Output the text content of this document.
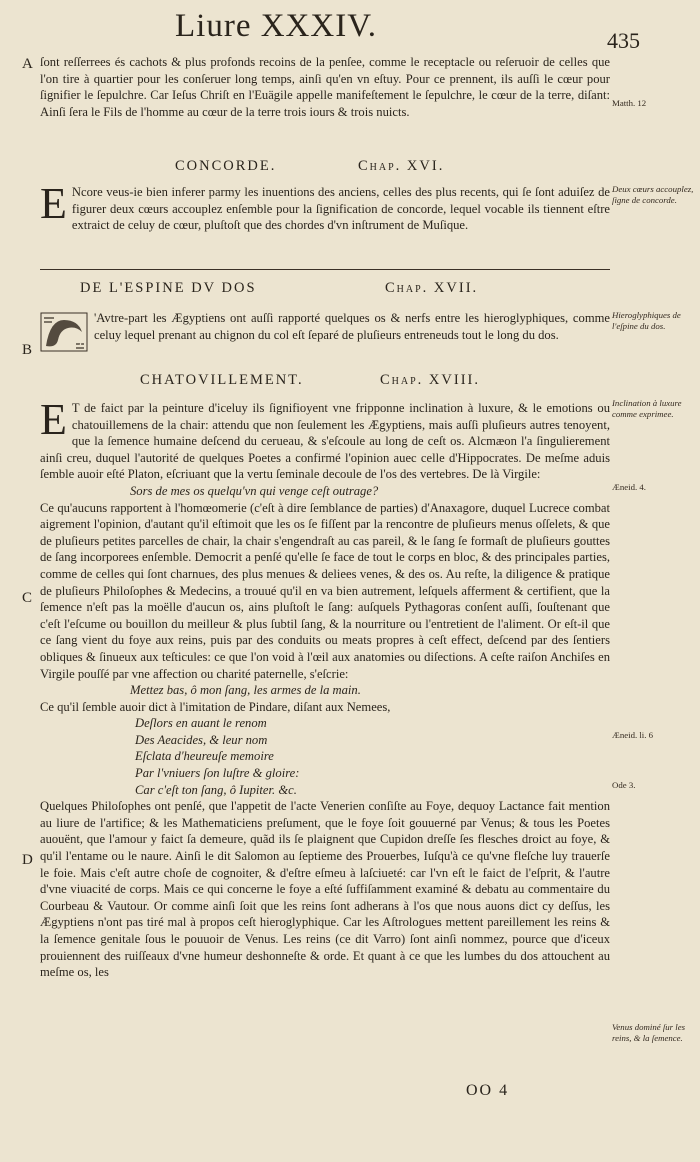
Liure XXXIV.	435
A ſont reſſerrees és cachots & plus profonds recoins de la penſee, comme le receptacle ou reſeruoir de celles que l'on tire à quartier pour les conſeruer long temps, ainſi qu'en vn eſtuy. Pour ce prennent, ils auſſi le cœur pour ſignifier le ſepulchre. Car Ieſus Chriſt en l'Euägile appelle manifeſtement le ſepulchre, le cœur de la terre, diſant: Ainſi ſera le Fils de l'homme au cœur de la terre trois iours & trois nuicts.
Matth. 12
CONCORDE.	Chap. XVI.
E Ncore veus-ie bien inferer parmy les inuentions des anciens, celles des plus recents, qui ſe ſont aduiſez de figurer deux cœurs accouplez enſemble pour la ſignification de concorde, lequel vocable ils tiennent eſtre extraict de celuy de cœur, pluſtoſt que des chordes d'vn inſtrument de Muſique.
Deux cœurs accouplez, ſigne de concorde.
DE L'ESPINE DV DOS	Chap. XVII.
B L
'Avtre-part les Ægyptiens ont auſſi rapporté quelques os & nerfs entre les hieroglyphiques, comme celuy lequel prenant au chignon du col eſt ſeparé de pluſieurs entreneuds tout le long du dos.
Hieroglyphiques de l'eſpine du dos.
CHATOVILLEMENT.	Chap. XVIII.

E T de faict par la peinture d'iceluy ils ſignifioyent vne fripponne inclination à luxure, & le emotions ou chatouillemens de la chair: attendu que non ſeulement les Ægyptiens, mais auſſi pluſieurs autres tenoyent, que la ſemence humaine deſcend du cerueau, & s'eſcoule au long de ceſt os. Alcmæon l'a ſingulierement ainſi creu, duquel l'autorité de quelques Poetes a confirmé l'opinion auec celle d'Hippocrates. De meſme aduis ſemble auoir eſté Platon, eſcriuant que la vertu ſeminale decoule de l'os des vertebres. De là Virgile:

Sors de mes os quelqu'vn qui venge ceſt outrage?

Ce qu'aucuns rapportent à l'homœomerie (c'eſt à dire ſemblance de parties) d'Anaxagore, duquel Lucrece combat aigrement l'opinion, d'autant qu'il eſtimoit que les os ſe fiſſent par la rencontre de pluſieurs menus oſſelets, & que de pluſieurs petites parcelles de chair, la chair s'engendraſt au cas pareil, & le ſang ſe formaſt de pluſieurs gouttes de ſang incorporees enſemble. Democrit a penſé qu'elle ſe face de tout le corps en bloc, & des principales parties, comme de celles qui ſont charnues, des plus menues & deliees venes, & des os. Au reſte, la diligence & pratique de pluſieurs Philoſophes & Medecins, a trouué qu'il en va bien autrement, leſquels afferment & certifient, que la ſemence n'eſt pas la moëlle d'aucun os, ains pluſtoſt le ſang: auſquels Pythagoras conſent auſſi, ſouſtenant que c'eſt l'eſcume ou bouillon du meilleur & plus ſubtil ſang, & la nourriture ou l'entretient de l'aliment. Or eſt-il que ce ſang vient du foye aux reins, puis par des conduits ou meats propres à ceſt effect, deſcend par des ſentiers obliques & ſinueux aux teſticules: ce que l'on void à l'œil aux anatomies ou diſections. A ceſte raiſon Anchiſes en Virgile pouſſé par vne affection ou charité paternelle, s'eſcrie:

Mettez bas, ô mon ſang, les armes de la main.

Ce qu'il ſemble auoir dict à l'imitation de Pindare, diſant aux Nemees,

Deſlors en auant le renom
Des Aeacides, & leur nom
Eſclata d'heureuſe memoire
Par l'vniuers ſon luſtre & gloire:
Car c'eſt ton ſang, ô Iupiter. &c.

Quelques Philoſophes ont penſé, que l'appetit de l'acte Venerien conſiſte au Foye, dequoy Lactance fait mention au liure de l'artifice; & les Mathematiciens preſument, que le foye ſoit gouuerné par Venus; & tous les Poetes auouënt, que l'amour y faict ſa demeure, quãd ils ſe plaignent que Cupidon dreſſe ſes flesches droict au foye, & qu'il l'entame ou le naure. Ainſi le dit Salomon au ſeptieme des Prouerbes, Iuſqu'à ce qu'vne fleſche luy trauerſe le foie. Mais c'eſt autre choſe de cognoiter, & d'eſtre eſmeu à laſciueté: car l'vn eſt le faict de l'eſprit, & l'autre d'vne viuacité de corps. Mais ce qui concerne le foye a eſté ſuffiſamment examiné & debatu au commentaire du Courbeau & Vautour. Or comme ainſi ſoit que les reins ſont adherans à l'os que nous auons dict cy deſſus, les Ægyptiens n'ont pas tiré mal à propos ceſt hieroglyphique. Car les Aſtrologues mettent pareillement les reins & la ſemence genitale ſous le pouuoir de Venus. Les reins (ce dit Varro) ſont ainſi nommez, pource que d'iceux prouiennent des ruiſſeaux d'vne humeur deshonneſte & orde. Et quant à ce que les lumbes du dos attouchent au meſme os, les

C
D
Inclination à luxure comme exprimee.
Æneid. 4.
Æneid. li. 6
Ode 3.
Venus dominé ſur les reins, & la ſemence.
OO 4
